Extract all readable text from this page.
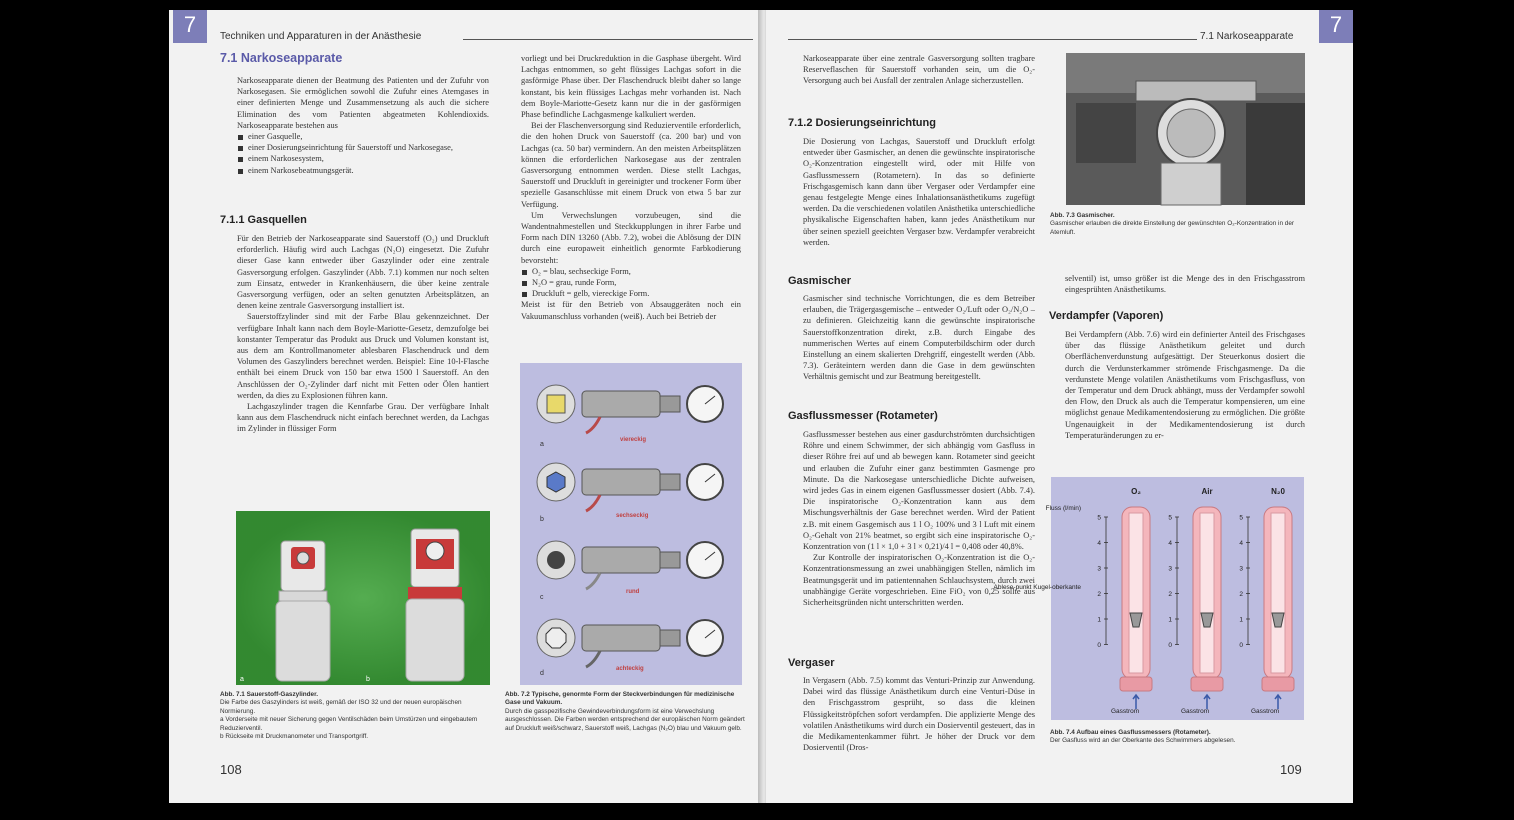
7	Techniken und Apparaturen in der Anästhesie
7.1 Narkoseapparate

Narkoseapparate dienen der Beatmung des Patienten und der Zufuhr von Narkosegasen. Sie ermöglichen sowohl die Zufuhr eines Atemgases in einer definierten Menge und Zusammensetzung als auch die sichere Elimination des vom Patienten abgeatmeten Kohlendioxids. Narkoseapparate bestehen aus

einer Gasquelle,
einer Dosierungseinrichtung für Sauerstoff und Narkosegase,
einem Narkosesystem,
einem Narkosebeatmungsgerät.
7.1.1 Gasquellen

Für den Betrieb der Narkoseapparate sind Sauerstoff (O₂) und Druckluft erforderlich. Häufig wird auch Lachgas (N₂O) eingesetzt. Die Zufuhr dieser Gase kann entweder über Gaszylinder oder eine zentrale Gasversorgung erfolgen. Gaszylinder (Abb. 7.1) kommen nur noch selten zum Einsatz, entweder in Krankenhäusern, die über keine zentrale Gasversorgung verfügen, oder an selten genutzten Arbeitsplätzen, an denen keine zentrale Gasversorgung installiert ist.

Sauerstoffzylinder sind mit der Farbe Blau gekennzeichnet. Der verfügbare Inhalt kann nach dem Boyle-Mariotte-Gesetz, demzufolge bei konstanter Temperatur das Produkt aus Druck und Volumen konstant ist, aus dem am Kontrollmanometer ablesbaren Flaschendruck und dem Volumen des Gaszylinders berechnet werden. Beispiel: Eine 10-l-Flasche enthält bei einem Druck von 150 bar etwa 1500 l Sauerstoff. An den Anschlüssen der O₂-Zylinder darf nicht mit Fetten oder Ölen hantiert werden, da dies zu Explosionen führen kann.

Lachgaszylinder tragen die Kennfarbe Grau. Der verfügbare Inhalt kann aus dem Flaschendruck nicht einfach berechnet werden, da Lachgas im Zylinder in flüssiger Form

vorliegt und bei Druckreduktion in die Gasphase übergeht. Wird Lachgas entnommen, so geht flüssiges Lachgas sofort in die gasförmige Phase über. Der Flaschendruck bleibt daher so lange konstant, bis kein flüssiges Lachgas mehr vorhanden ist. Nach dem Boyle-Mariotte-Gesetz kann nur die in der gasförmigen Phase befindliche Lachgasmenge kalkuliert werden.

Bei der Flaschenversorgung sind Reduzierventile erforderlich, die den hohen Druck von Sauerstoff (ca. 200 bar) und von Lachgas (ca. 50 bar) vermindern. An den meisten Arbeitsplätzen können die erforderlichen Narkosegase aus der zentralen Gasversorgung entnommen werden. Diese stellt Lachgas, Sauerstoff und Druckluft in gereinigter und trockener Form über spezielle Gasanschlüsse mit einem Druck von etwa 5 bar zur Verfügung.

Um Verwechslungen vorzubeugen, sind die Wandentnahmestellen und Steckkupplungen in ihrer Farbe und Form nach DIN 13260 (Abb. 7.2), wobei die Ablösung der DIN durch eine europaweit einheitlich genormte Farbkodierung bevorsteht:

O₂ = blau, sechseckige Form,
N₂O = grau, runde Form,
Druckluft = gelb, viereckige Form.

Meist ist für den Betrieb von Absauggeräten noch ein Vakuumanschluss vorhanden (weiß). Auch bei Betrieb der

a	b
Abb. 7.1 Sauerstoff-Gaszylinder.
Die Farbe des Gaszylinders ist weiß, gemäß der ISO 32 und der neuen europäischen Normierung.
a Vorderseite mit neuer Sicherung gegen Ventilschäden beim Umstürzen und eingebautem Reduzierventil.
b Rückseite mit Druckmanometer und Transportgriff.
viereckig
a
sechseckig
b
rund
c
achteckig
d
Abb. 7.2 Typische, genormte Form der Steckverbindungen für medizinische Gase und Vakuum.
Durch die gasspezifische Gewindeverbindungsform ist eine Verwechslung ausgeschlossen. Die Farben werden entsprechend der europäischen Norm geändert auf Druckluft weiß/schwarz, Sauerstoff weiß, Lachgas (N₂O) blau und Vakuum gelb.
108
7
7.1 Narkoseapparate

Narkoseapparate über eine zentrale Gasversorgung sollten tragbare Reserveflaschen für Sauerstoff vorhanden sein, um die O₂-Versorgung auch bei Ausfall der zentralen Anlage sicherzustellen.

7.1.2 Dosierungseinrichtung

Die Dosierung von Lachgas, Sauerstoff und Druckluft erfolgt entweder über Gasmischer, an denen die gewünschte inspiratorische O₂-Konzentration eingestellt wird, oder mit Hilfe von Gasflussmessern (Rotametern). In das so definierte Frischgasgemisch kann dann über Vergaser oder Verdampfer eine genau festgelegte Menge eines Inhalationsanästhetikums zugefügt werden. Da die verschiedenen volatilen Anästhetika unterschiedliche physikalische Eigenschaften haben, kann jedes Anästhetikum nur über seinen speziell geeichten Vergaser bzw. Verdampfer verabreicht werden.

Gasmischer

Gasmischer sind technische Vorrichtungen, die es dem Betreiber erlauben, die Trägergasgemische – entweder O₂/Luft oder O₂/N₂O – zu definieren. Gleichzeitig kann die gewünschte inspiratorische Sauerstoffkonzentration direkt, z.B. durch Eingabe des nummerischen Wertes auf einem Computerbildschirm oder durch Einstellung an einem skalierten Drehgriff, eingestellt werden (Abb. 7.3). Geräteintern werden dann die Gase in dem gewünschten Verhältnis gemischt und zur Beatmung bereitgestellt.

Gasflussmesser (Rotameter)

Gasflussmesser bestehen aus einer gasdurchströmten durchsichtigen Röhre und einem Schwimmer, der sich abhängig vom Gasfluss in dieser Röhre frei auf und ab bewegen kann. Rotameter sind geeicht und erlauben die Zufuhr einer ganz bestimmten Gasmenge pro Minute. Da die Narkosegase unterschiedliche Dichte aufweisen, wird jedes Gas in einem eigenen Gasflussmesser dosiert (Abb. 7.4). Die inspiratorische O₂-Konzentration kann aus dem Mischungsverhältnis der Gase berechnet werden. Wird der Patient z.B. mit einem Gasgemisch aus 1 l O₂ 100% und 3 l Luft mit einem O₂-Gehalt von 21% beatmet, so ergibt sich eine inspiratorische O₂-Konzentration von (1 l × 1,0 + 3 l × 0,21)/4 l = 0,408 oder 40,8%.

Zur Kontrolle der inspiratorischen O₂-Konzentration ist die O₂-Konzentrationsmessung an zwei unabhängigen Stellen, nämlich im Beatmungsgerät und im patientennahen Schlauchsystem, durch zwei unabhängige Geräte vorgeschrieben. Eine FiO₂ von 0,25 sollte aus Sicherheitsgründen nicht unterschritten werden.

Vergaser

In Vergasern (Abb. 7.5) kommt das Venturi-Prinzip zur Anwendung. Dabei wird das flüssige Anästhetikum durch eine Venturi-Düse in den Frischgasstrom gesprüht, so dass die kleinen Flüssigkeitströpfchen sofort verdampfen. Die applizierte Menge des volatilen Anästhetikums wird durch ein Dosierventil gesteuert, das in die Medikamentenkammer führt. Je höher der Druck vor dem Dosierventil (Dros-

Abb. 7.3 Gasmischer.
Gasmischer erlauben die direkte Einstellung der gewünschten O₂-Konzentration in der Atemluft.

selventil) ist, umso größer ist die Menge des in den Frischgasstrom eingesprühten Anästhetikums.

Verdampfer (Vaporen)

Bei Verdampfern (Abb. 7.6) wird ein definierter Anteil des Frischgases über das flüssige Anästhetikum geleitet und durch Oberflächenverdunstung aufgesättigt. Der Steuerkonus dosiert die durch die Verdunsterkammer strömende Frischgasmenge. Da die verdunstete Menge volatilen Anästhetikums vom Frischgasfluss, von der Temperatur und dem Druck abhängt, muss der Verdampfer sowohl den Flow, den Druck als auch die Temperatur kompensieren, um eine möglichst genaue Medikamentendosierung zu ermöglichen. Die größte Ungenauigkeit in der Medikamentendosierung ist durch Temperaturänderungen zu er-

O₂	Air	N₂0
Fluss (l/min)
Ablese-punkt Kugel-oberkante
5
4
3
2
1
0
5
4
3
2
1
0
5
4
3
2
1
0
Gasstrom	Gasstrom	Gasstrom
Abb. 7.4 Aufbau eines Gasflussmessers (Rotameter).
Der Gasfluss wird an der Oberkante des Schwimmers abgelesen.
109
